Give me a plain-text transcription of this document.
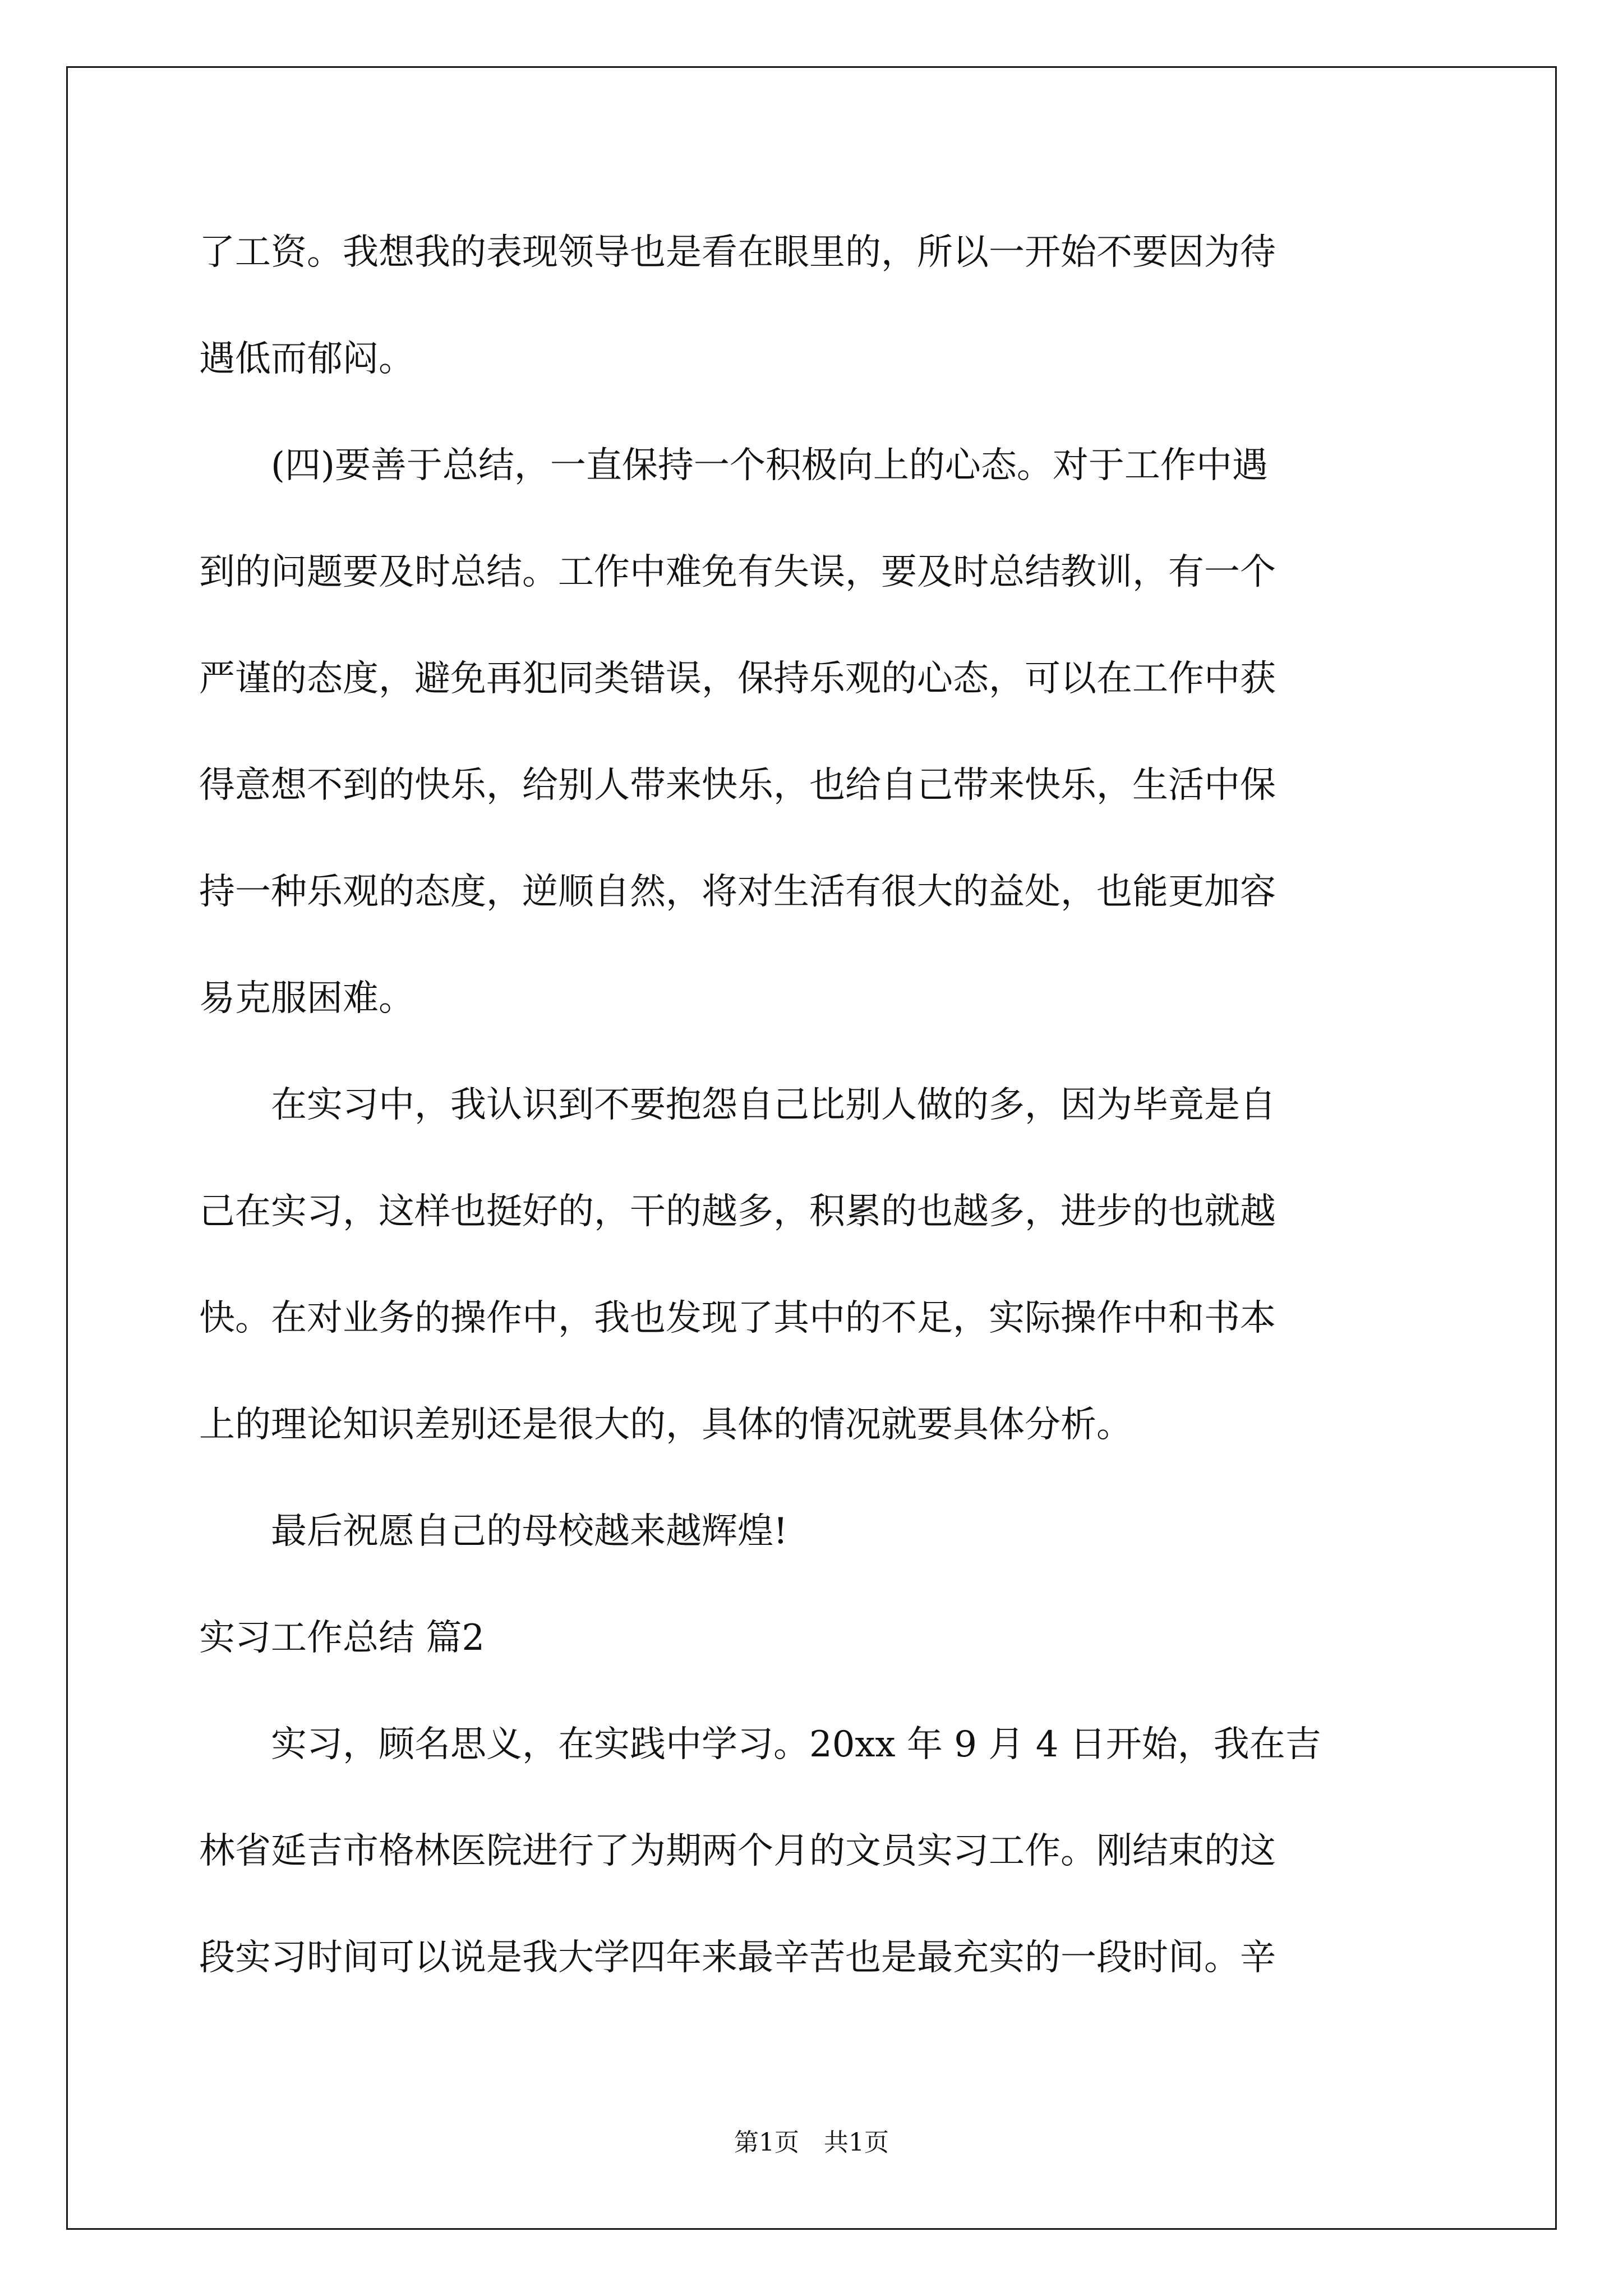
了工资。我想我的表现领导也是看在眼里的，所以一开始不要因为待

遇低而郁闷。

　　(四)要善于总结，一直保持一个积极向上的心态。对于工作中遇

到的问题要及时总结。工作中难免有失误，要及时总结教训，有一个

严谨的态度，避免再犯同类错误，保持乐观的心态，可以在工作中获

得意想不到的快乐，给别人带来快乐，也给自己带来快乐，生活中保

持一种乐观的态度，逆顺自然，将对生活有很大的益处，也能更加容

易克服困难。

　　在实习中，我认识到不要抱怨自己比别人做的多，因为毕竟是自

己在实习，这样也挺好的，干的越多，积累的也越多，进步的也就越

快。在对业务的操作中，我也发现了其中的不足，实际操作中和书本

上的理论知识差别还是很大的，具体的情况就要具体分析。

　　最后祝愿自己的母校越来越辉煌!

实习工作总结 篇2

　　实习，顾名思义，在实践中学习。20xx 年 9 月 4 日开始，我在吉

林省延吉市格林医院进行了为期两个月的文员实习工作。刚结束的这

段实习时间可以说是我大学四年来最辛苦也是最充实的一段时间。辛

第1页　共1页
